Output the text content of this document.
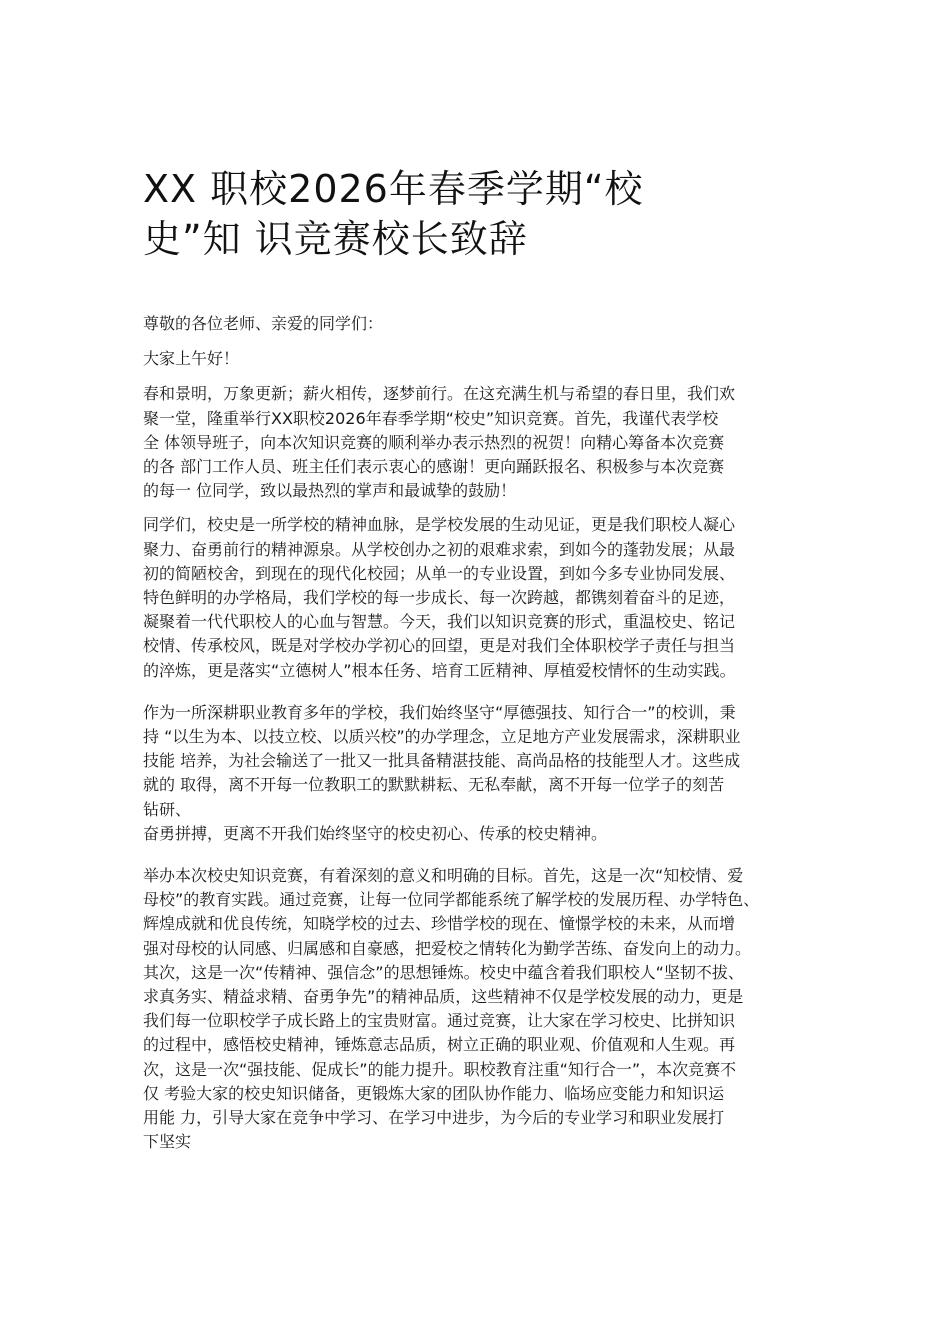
XX 职校2026年春季学期“校
史”知 识竞赛校长致辞

尊敬的各位老师、亲爱的同学们：

大家上午好！

春和景明，万象更新；薪火相传，逐梦前行。在这充满生机与希望的春日里，我们欢
聚一堂，隆重举行XX职校2026年春季学期“校史”知识竞赛。首先，我谨代表学校
全 体领导班子，向本次知识竞赛的顺利举办表示热烈的祝贺！向精心筹备本次竞赛
的各 部门工作人员、班主任们表示衷心的感谢！更向踊跃报名、积极参与本次竞赛
的每一 位同学，致以最热烈的掌声和最诚挚的鼓励！
同学们，校史是一所学校的精神血脉，是学校发展的生动见证，更是我们职校人凝心
聚力、奋勇前行的精神源泉。从学校创办之初的艰难求索，到如今的蓬勃发展；从最
初的简陋校舍，到现在的现代化校园；从单一的专业设置，到如今多专业协同发展、
特色鲜明的办学格局，我们学校的每一步成长、每一次跨越，都镌刻着奋斗的足迹，
凝聚着一代代职校人的心血与智慧。今天，我们以知识竞赛的形式，重温校史、铭记
校情、传承校风，既是对学校办学初心的回望，更是对我们全体职校学子责任与担当
的淬炼，更是落实“立德树人”根本任务、培育工匠精神、厚植爱校情怀的生动实践。
作为一所深耕职业教育多年的学校，我们始终坚守“厚德强技、知行合一”的校训，秉
持 “以生为本、以技立校、以质兴校”的办学理念，立足地方产业发展需求，深耕职业
技能 培养，为社会输送了一批又一批具备精湛技能、高尚品格的技能型人才。这些成
就的 取得，离不开每一位教职工的默默耕耘、无私奉献，离不开每一位学子的刻苦
钻研、
奋勇拼搏，更离不开我们始终坚守的校史初心、传承的校史精神。
举办本次校史知识竞赛，有着深刻的意义和明确的目标。首先，这是一次“知校情、爱
母校”的教育实践。通过竞赛，让每一位同学都能系统了解学校的发展历程、办学特色、
辉煌成就和优良传统，知晓学校的过去、珍惜学校的现在、憧憬学校的未来，从而增
强对母校的认同感、归属感和自豪感，把爱校之情转化为勤学苦练、奋发向上的动力。
其次，这是一次“传精神、强信念”的思想锤炼。校史中蕴含着我们职校人“坚韧不拔、
求真务实、精益求精、奋勇争先”的精神品质，这些精神不仅是学校发展的动力，更是
我们每一位职校学子成长路上的宝贵财富。通过竞赛，让大家在学习校史、比拼知识
的过程中，感悟校史精神，锤炼意志品质，树立正确的职业观、价值观和人生观。再
次，这是一次“强技能、促成长”的能力提升。职校教育注重“知行合一”，本次竞赛不
仅 考验大家的校史知识储备，更锻炼大家的团队协作能力、临场应变能力和知识运
用能 力，引导大家在竞争中学习、在学习中进步，为今后的专业学习和职业发展打
下坚实
